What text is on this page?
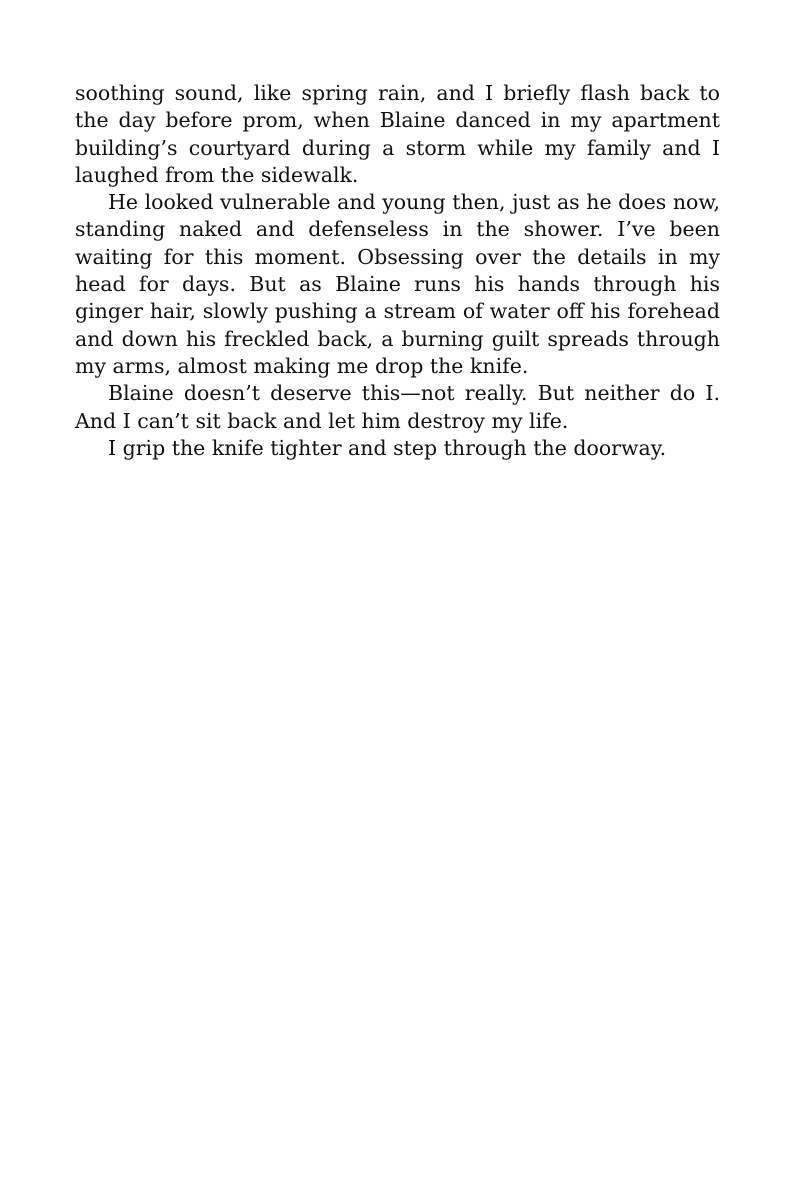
soothing sound, like spring rain, and I briefly flash back to the day before prom, when Blaine danced in my apartment building’s courtyard during a storm while my family and I laughed from the sidewalk.

He looked vulnerable and young then, just as he does now, standing naked and defenseless in the shower. I’ve been waiting for this moment. Obsessing over the details in my head for days. But as Blaine runs his hands through his ginger hair, slowly pushing a stream of water off his forehead and down his freckled back, a burning guilt spreads through my arms, almost making me drop the knife.

Blaine doesn’t deserve this—not really. But neither do I. And I can’t sit back and let him destroy my life.

I grip the knife tighter and step through the doorway.
